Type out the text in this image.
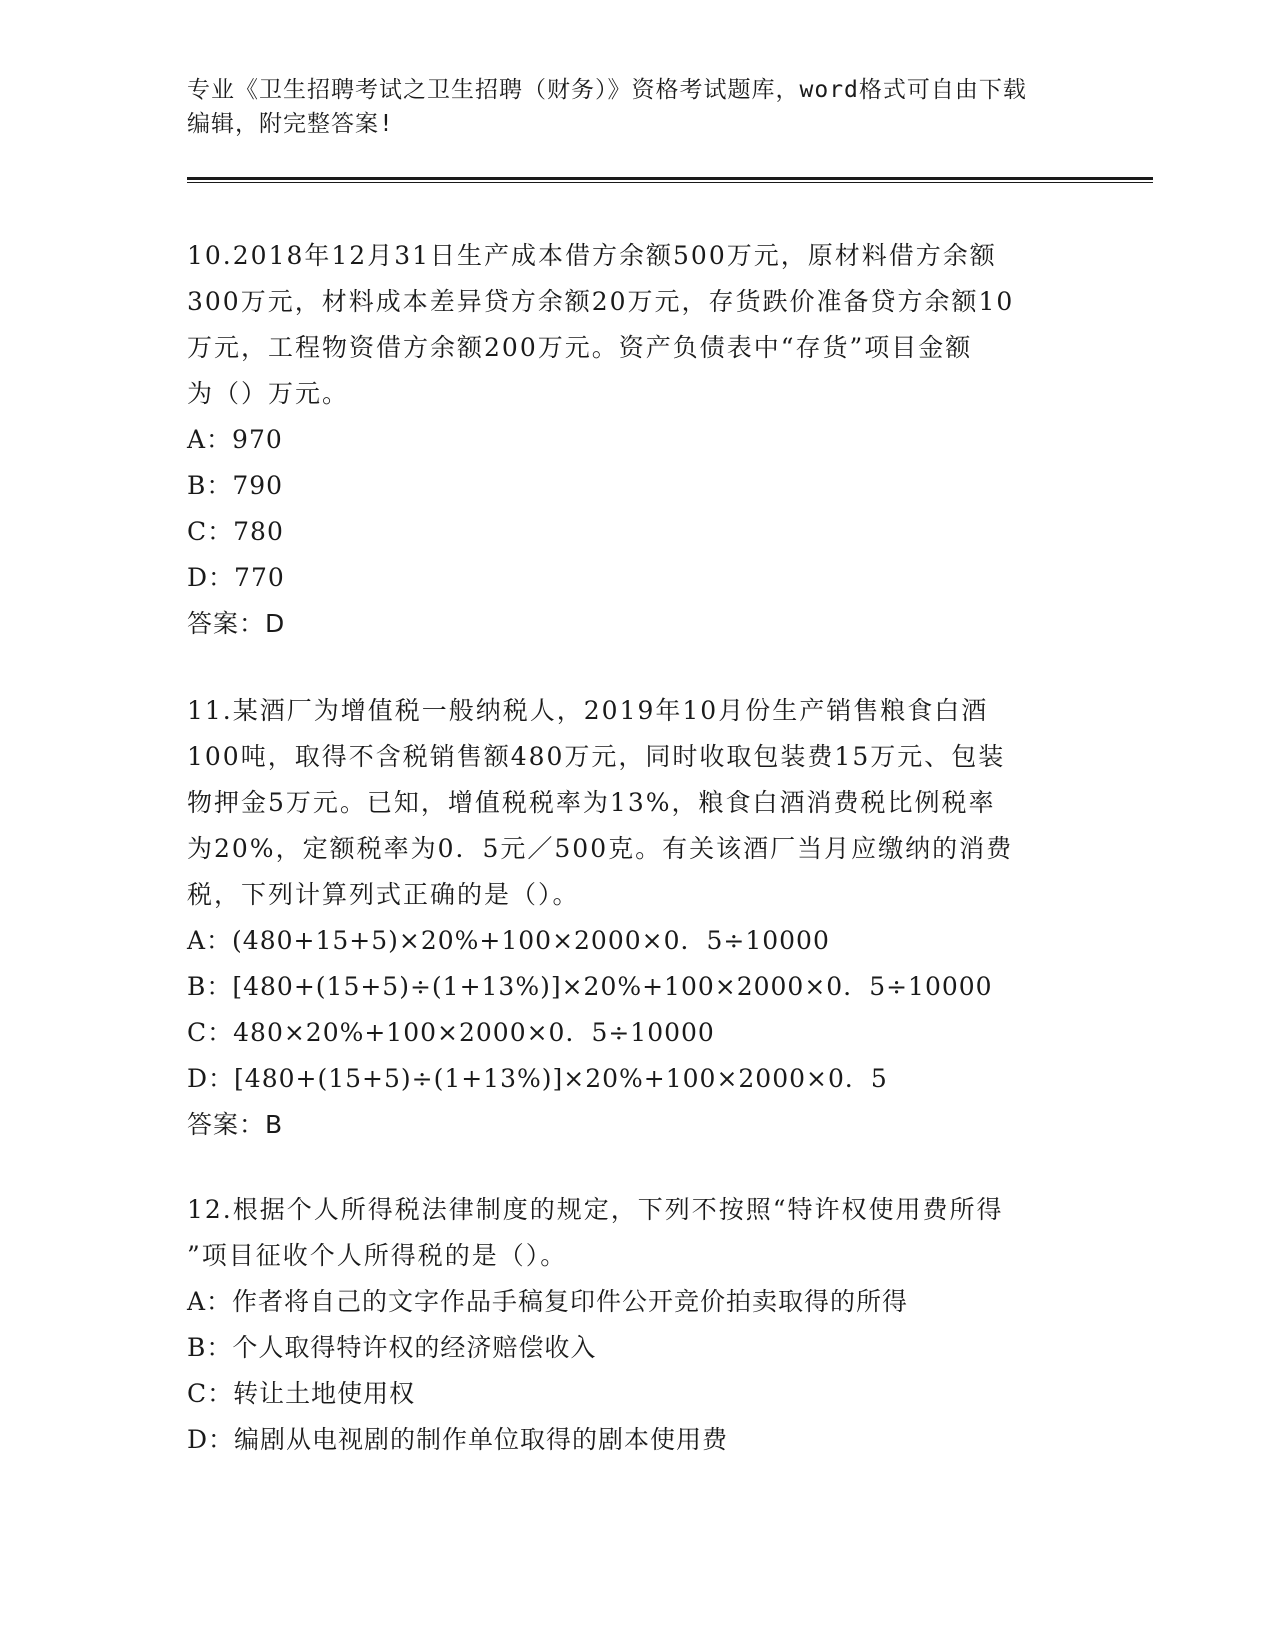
专业《卫生招聘考试之卫生招聘（财务）》资格考试题库，word格式可自由下载
编辑，附完整答案!
10.2018年12月31日生产成本借方余额500万元，原材料借方余额
300万元，材料成本差异贷方余额20万元，存货跌价准备贷方余额10
万元，工程物资借方余额200万元。资产负债表中“存货”项目金额
为（）万元。
A：970
B：790
C：780
D：770
答案：D
11.某酒厂为增值税一般纳税人，2019年10月份生产销售粮食白酒
100吨，取得不含税销售额480万元，同时收取包装费15万元、包装
物押金5万元。已知，增值税税率为13%，粮食白酒消费税比例税率
为20%，定额税率为0．5元／500克。有关该酒厂当月应缴纳的消费
税，下列计算列式正确的是（）。
A：(480+15+5)×20%+100×2000×0．5÷10000
B：[480+(15+5)÷(1+13%)]×20%+100×2000×0．5÷10000
C：480×20%+100×2000×0．5÷10000
D：[480+(15+5)÷(1+13%)]×20%+100×2000×0．5
答案：B
12.根据个人所得税法律制度的规定，下列不按照“特许权使用费所得
”项目征收个人所得税的是（）。
A：作者将自己的文字作品手稿复印件公开竞价拍卖取得的所得
B：个人取得特许权的经济赔偿收入
C：转让土地使用权
D：编剧从电视剧的制作单位取得的剧本使用费
